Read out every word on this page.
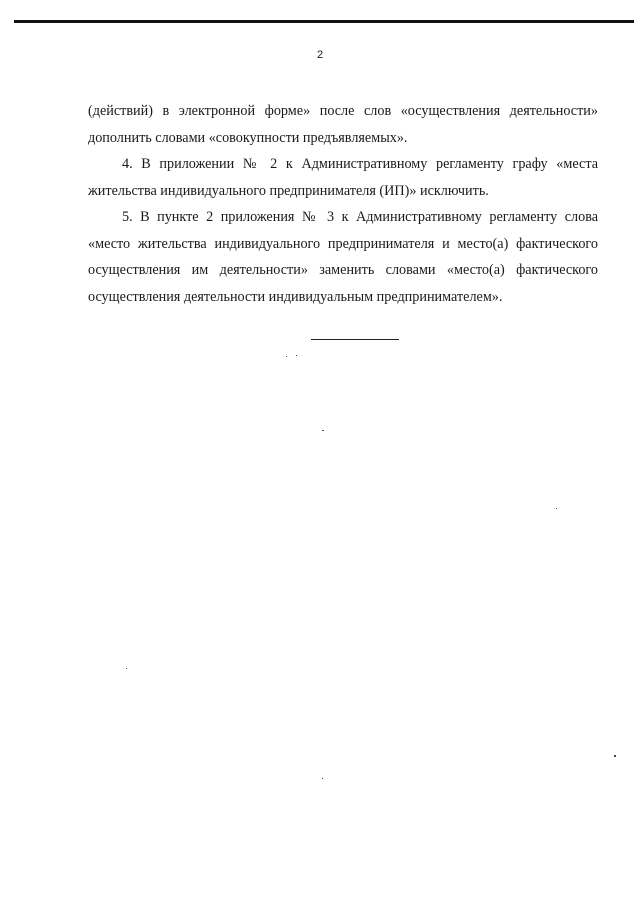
2

(действий) в электронной форме» после слов «осуществления деятельности» дополнить словами «совокупности предъявляемых».

4. В приложении № 2 к Административному регламенту графу «места жительства индивидуального предпринимателя (ИП)» исключить.

5. В пункте 2 приложения № 3 к Административному регламенту слова «место жительства индивидуального предпринимателя и место(а) фактического осуществления им деятельности» заменить словами «место(а) фактического осуществления деятельности индивидуальным предпринимателем».
